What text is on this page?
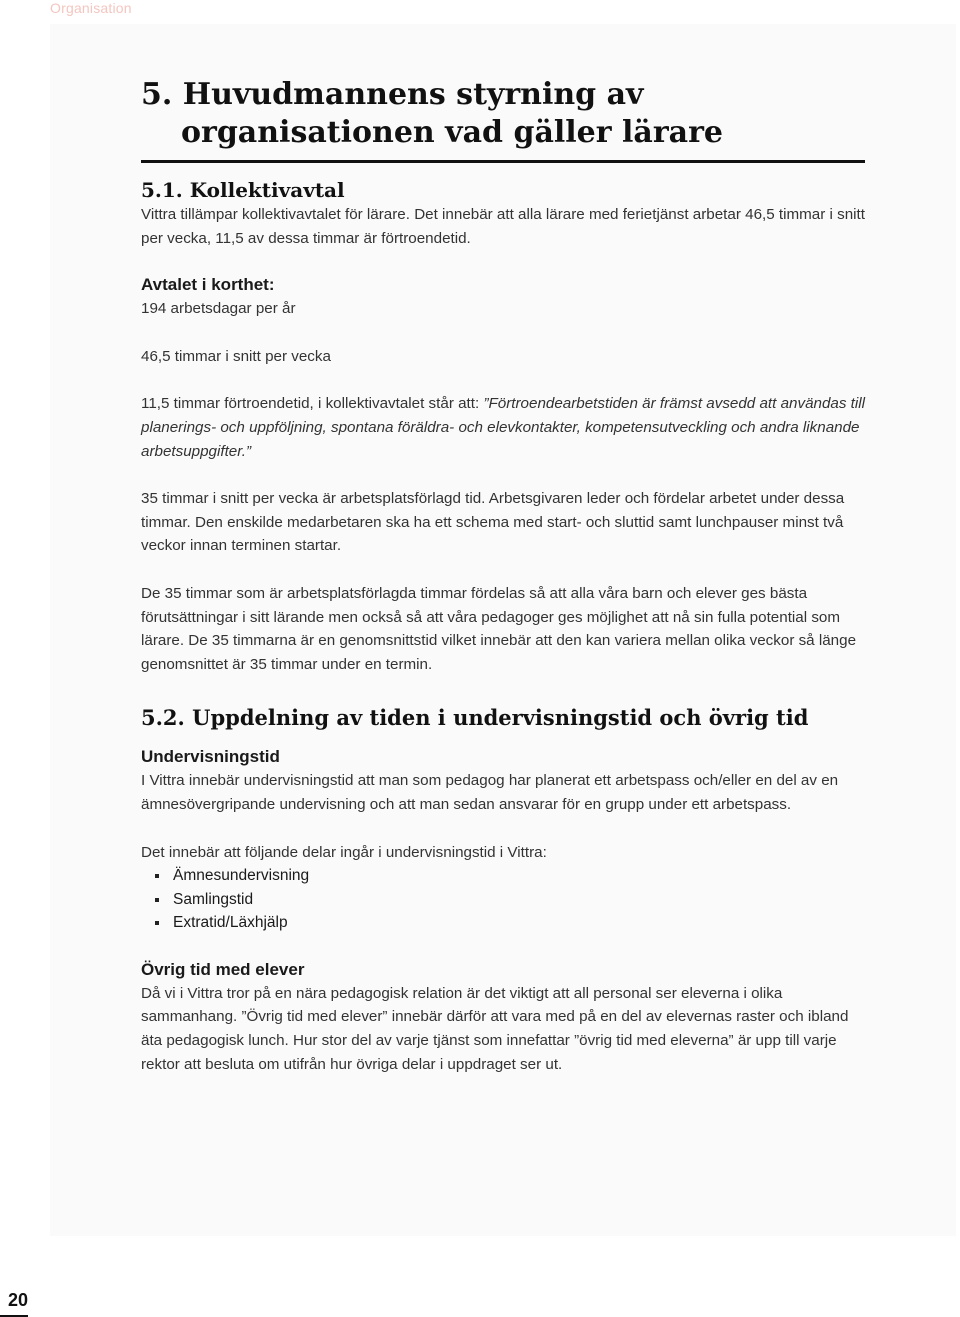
Organisation
5. Huvudmannens styrning av organisationen vad gäller lärare
5.1. Kollektivavtal

Vittra tillämpar kollektivavtalet för lärare. Det innebär att alla lärare med ferietjänst arbetar 46,5 timmar i snitt per vecka, 11,5 av dessa timmar är förtroendetid.

Avtalet i korthet:

194 arbetsdagar per år

46,5 timmar i snitt per vecka

11,5 timmar förtroendetid, i kollektivavtalet står att: ”Förtroendearbetstiden är främst avsedd att användas till planerings- och uppföljning, spontana föräldra- och elevkontakter, kompetensutveckling och andra liknande arbetsuppgifter.”

35 timmar i snitt per vecka är arbetsplatsförlagd tid. Arbetsgivaren leder och fördelar arbetet under dessa timmar. Den enskilde medarbetaren ska ha ett schema med start- och sluttid samt lunchpauser minst två veckor innan terminen startar.

De 35 timmar som är arbetsplatsförlagda timmar fördelas så att alla våra barn och elever ges bästa förutsättningar i sitt lärande men också så att våra pedagoger ges möjlighet att nå sin fulla potential som lärare. De 35 timmarna är en genomsnittstid vilket innebär att den kan variera mellan olika veckor så länge genomsnittet är 35 timmar under en termin.

5.2. Uppdelning av tiden i undervisningstid och övrig tid
Undervisningstid

I Vittra innebär undervisningstid att man som pedagog har planerat ett arbetspass och/eller en del av en ämnesövergripande undervisning och att man sedan ansvarar för en grupp under ett arbetspass.

Det innebär att följande delar ingår i undervisningstid i Vittra:

Ämnesundervisning
Samlingstid
Extratid/Läxhjälp
Övrig tid med elever

Då vi i Vittra tror på en nära pedagogisk relation är det viktigt att all personal ser eleverna i olika sammanhang. ”Övrig tid med elever” innebär därför att vara med på en del av elevernas raster och ibland äta pedagogisk lunch. Hur stor del av varje tjänst som innefattar ”övrig tid med eleverna” är upp till varje rektor att besluta om utifrån hur övriga delar i uppdraget ser ut.

20
